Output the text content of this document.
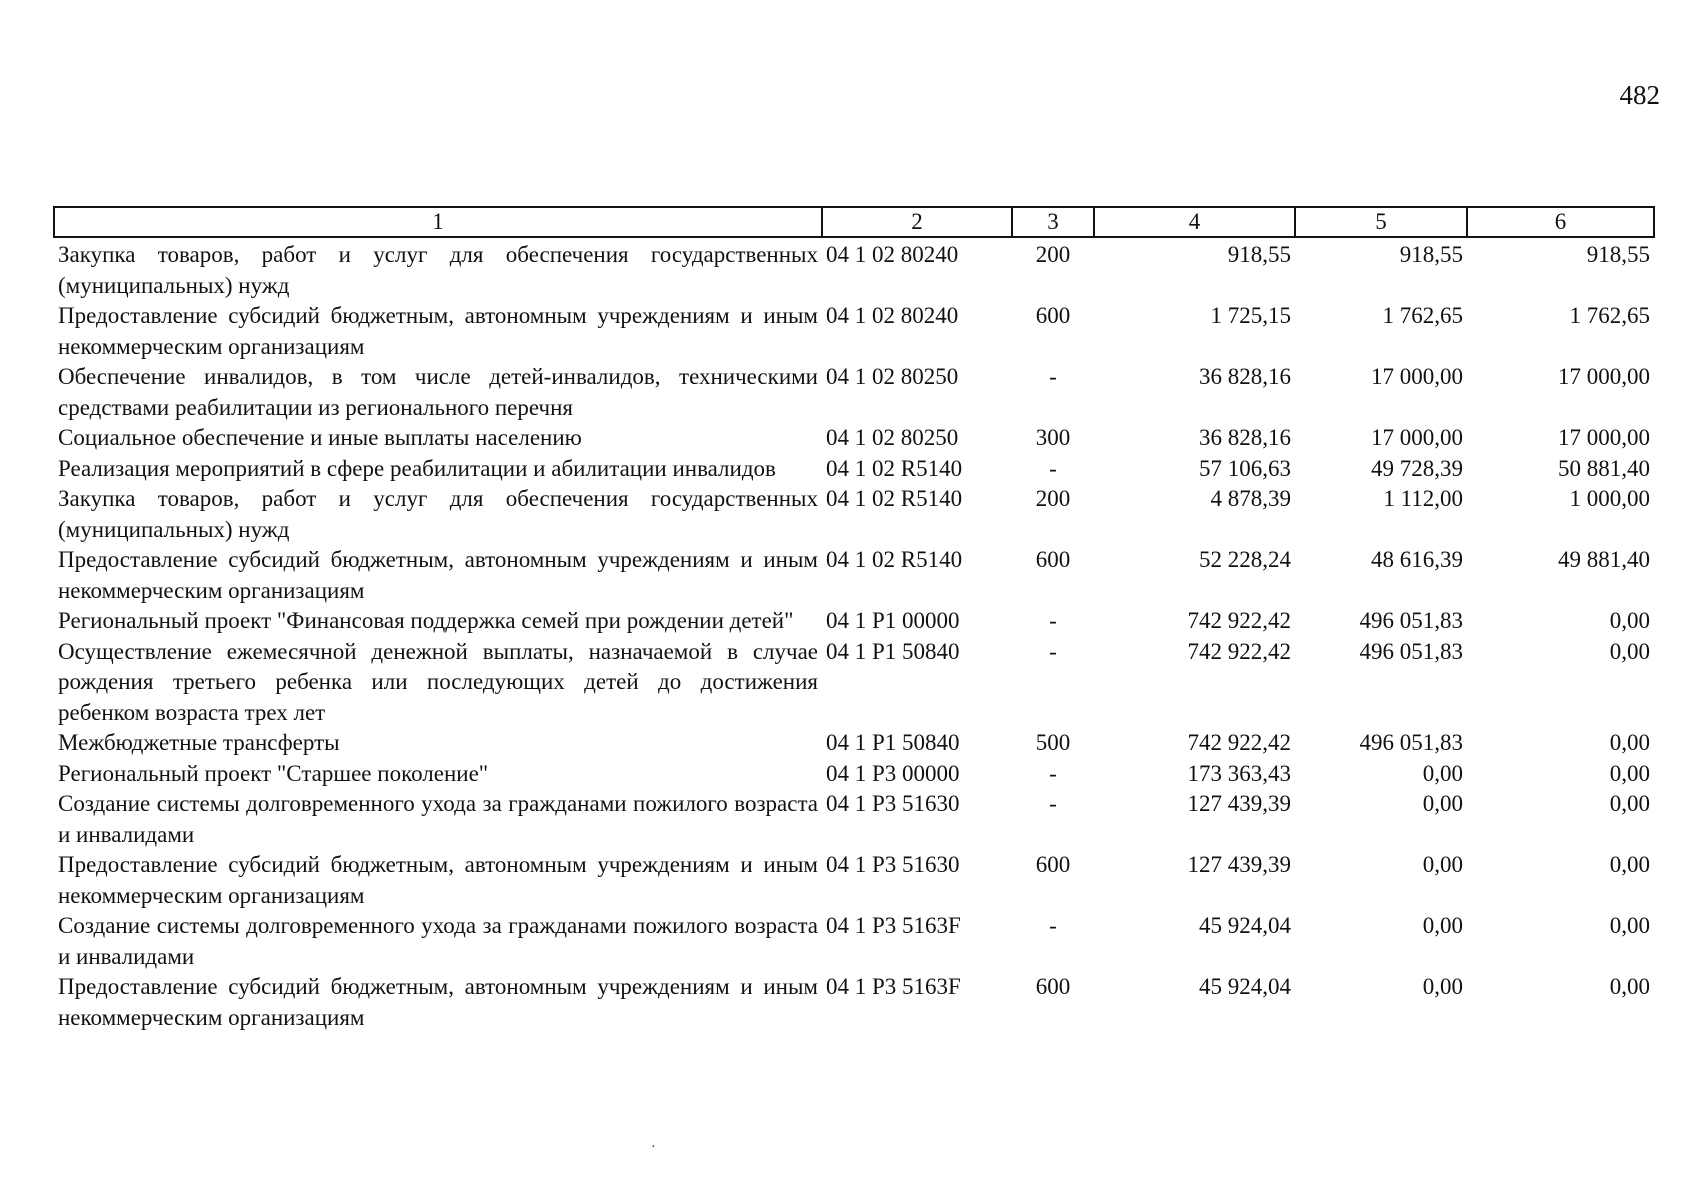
482
1	2	3	4	5	6
Закупка товаров, работ и услуг для обеспечения государственных (муниципальных) нужд	04 1 02 80240	200	918,55	918,55	918,55
Предоставление субсидий бюджетным, автономным учреждениям и иным некоммерческим организациям	04 1 02 80240	600	1 725,15	1 762,65	1 762,65
Обеспечение инвалидов, в том числе детей-инвалидов, техническими средствами реабилитации из регионального перечня	04 1 02 80250	-	36 828,16	17 000,00	17 000,00
Социальное обеспечение и иные выплаты населению	04 1 02 80250	300	36 828,16	17 000,00	17 000,00
Реализация мероприятий в сфере реабилитации и абилитации инвалидов	04 1 02 R5140	-	57 106,63	49 728,39	50 881,40
Закупка товаров, работ и услуг для обеспечения государственных (муниципальных) нужд	04 1 02 R5140	200	4 878,39	1 112,00	1 000,00
Предоставление субсидий бюджетным, автономным учреждениям и иным некоммерческим организациям	04 1 02 R5140	600	52 228,24	48 616,39	49 881,40
Региональный проект "Финансовая поддержка семей при рождении детей"	04 1 P1 00000	-	742 922,42	496 051,83	0,00
Осуществление ежемесячной денежной выплаты, назначаемой в случае рождения третьего ребенка или последующих детей до достижения ребенком возраста трех лет	04 1 P1 50840	-	742 922,42	496 051,83	0,00
Межбюджетные трансферты	04 1 P1 50840	500	742 922,42	496 051,83	0,00
Региональный проект "Старшее поколение"	04 1 P3 00000	-	173 363,43	0,00	0,00
Создание системы долговременного ухода за гражданами пожилого возраста и инвалидами	04 1 P3 51630	-	127 439,39	0,00	0,00
Предоставление субсидий бюджетным, автономным учреждениям и иным некоммерческим организациям	04 1 P3 51630	600	127 439,39	0,00	0,00
Создание системы долговременного ухода за гражданами пожилого возраста и инвалидами	04 1 P3 5163F	-	45 924,04	0,00	0,00
Предоставление субсидий бюджетным, автономным учреждениям и иным некоммерческим организациям	04 1 P3 5163F	600	45 924,04	0,00	0,00
·
